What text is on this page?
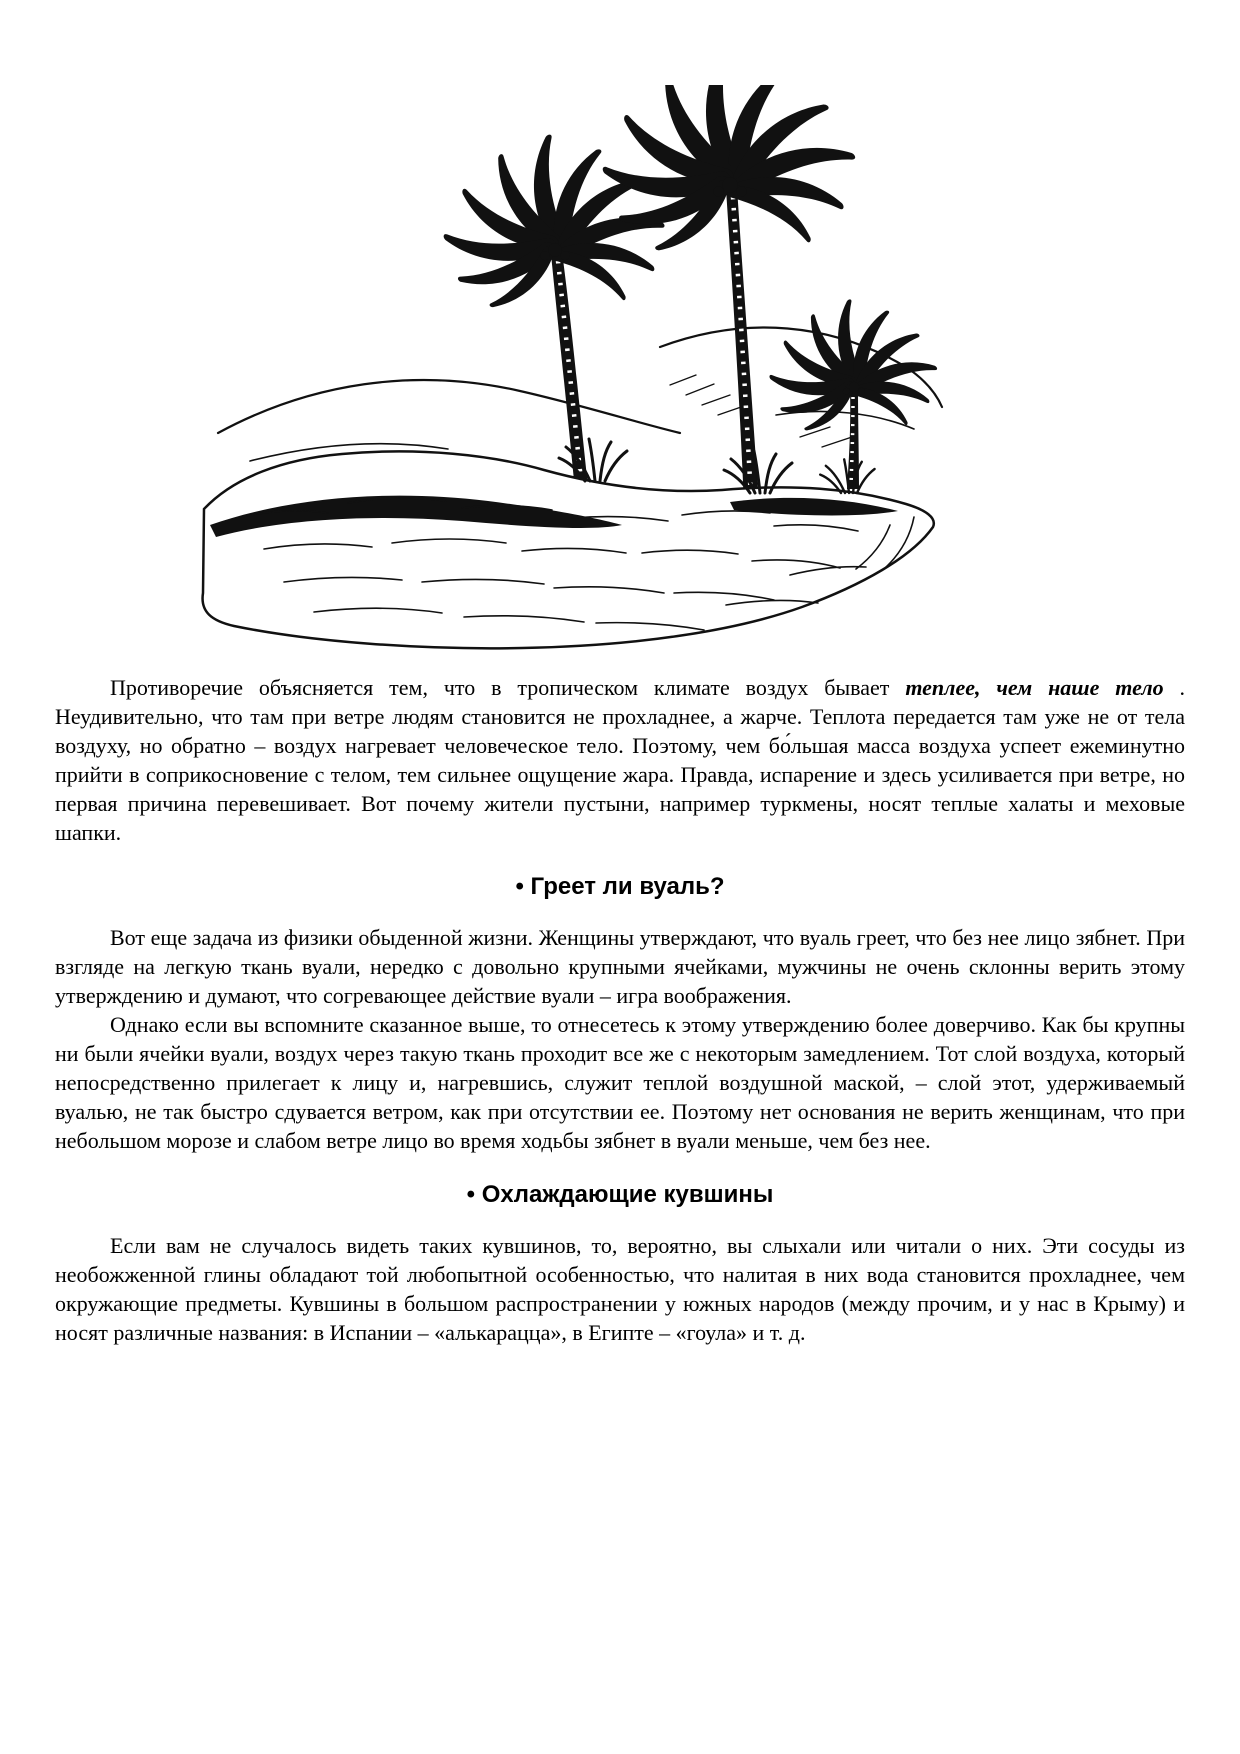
Противоречие объясняется тем, что в тропическом климате воздух бывает теплее, чем наше тело . Неудивительно, что там при ветре людям становится не прохладнее, а жарче. Теплота передается там уже не от тела воздуху, но обратно – воздух нагревает человеческое тело. Поэтому, чем бо́льшая масса воздуха успеет ежеминутно прийти в соприкосновение с телом, тем сильнее ощущение жара. Правда, испарение и здесь усиливается при ветре, но первая причина перевешивает. Вот почему жители пустыни, например туркмены, носят теплые халаты и меховые шапки.

• Греет ли вуаль?

Вот еще задача из физики обыденной жизни. Женщины утверждают, что вуаль греет, что без нее лицо зябнет. При взгляде на легкую ткань вуали, нередко с довольно крупными ячейками, мужчины не очень склонны верить этому утверждению и думают, что согревающее действие вуали – игра воображения.

Однако если вы вспомните сказанное выше, то отнесетесь к этому утверждению более доверчиво. Как бы крупны ни были ячейки вуали, воздух через такую ткань проходит все же с некоторым замедлением. Тот слой воздуха, который непосредственно прилегает к лицу и, нагревшись, служит теплой воздушной маской, – слой этот, удерживаемый вуалью, не так быстро сдувается ветром, как при отсутствии ее. Поэтому нет основания не верить женщинам, что при небольшом морозе и слабом ветре лицо во время ходьбы зябнет в вуали меньше, чем без нее.

• Охлаждающие кувшины

Если вам не случалось видеть таких кувшинов, то, вероятно, вы слыхали или читали о них. Эти сосуды из необожженной глины обладают той любопытной особенностью, что налитая в них вода становится прохладнее, чем окружающие предметы. Кувшины в большом распространении у южных народов (между прочим, и у нас в Крыму) и носят различные названия: в Испании – «алькарацца», в Египте – «гоула» и т. д.
